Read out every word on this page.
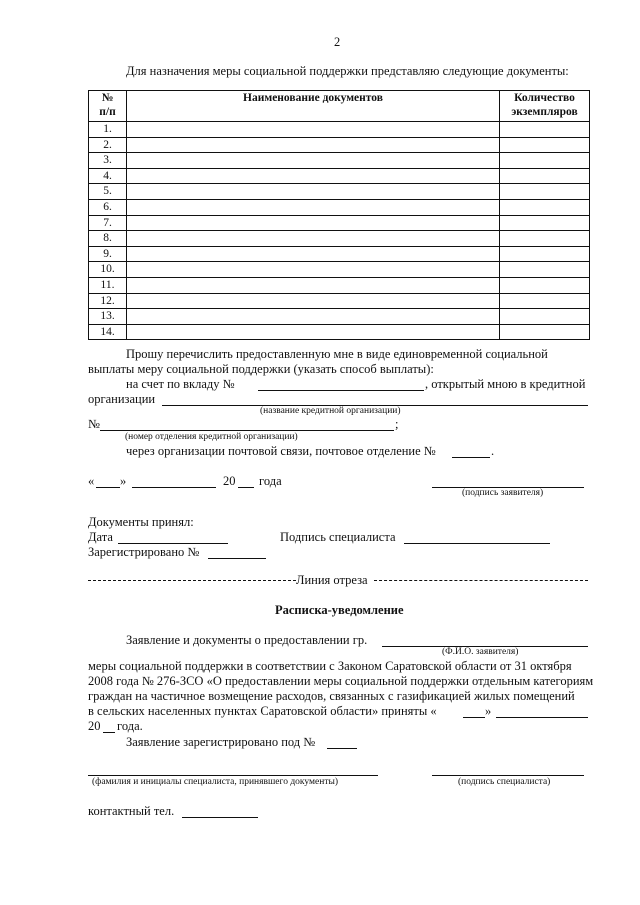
2
Для назначения меры социальной поддержки представляю следующие документы:
№
п/п	Наименование документов	Количество
экземпляров
1.		
2.		
3.		
4.		
5.		
6.		
7.		
8.		
9.		
10.		
11.		
12.		
13.		
14.		
Прошу перечислить предоставленную мне в виде единовременной социальной
выплаты меру социальной поддержки (указать способ выплаты):
на счет по вкладу №	, открытый мною в кредитной
организации
(название кредитной организации)
№	;
(номер отделения кредитной организации)
через организации почтовой связи, почтовое отделение №	.
« »	20 года
(подпись заявителя)
Документы принял:
Дата	Подпись специалиста
Зарегистрировано №
Линия отреза
Расписка-уведомление
Заявление и документы о предоставлении гр.
(Ф.И.О. заявителя)
меры социальной поддержки в соответствии с Законом Саратовской области от 31 октября
2008 года № 276-ЗСО «О предоставлении меры социальной поддержки отдельным категориям
граждан на частичное возмещение расходов, связанных с газификацией жилых помещений
в сельских населенных пунктах Саратовской области» приняты «	»
20 года.
Заявление зарегистрировано под №
(фамилия и инициалы специалиста, принявшего документы)	(подпись специалиста)
контактный тел.
